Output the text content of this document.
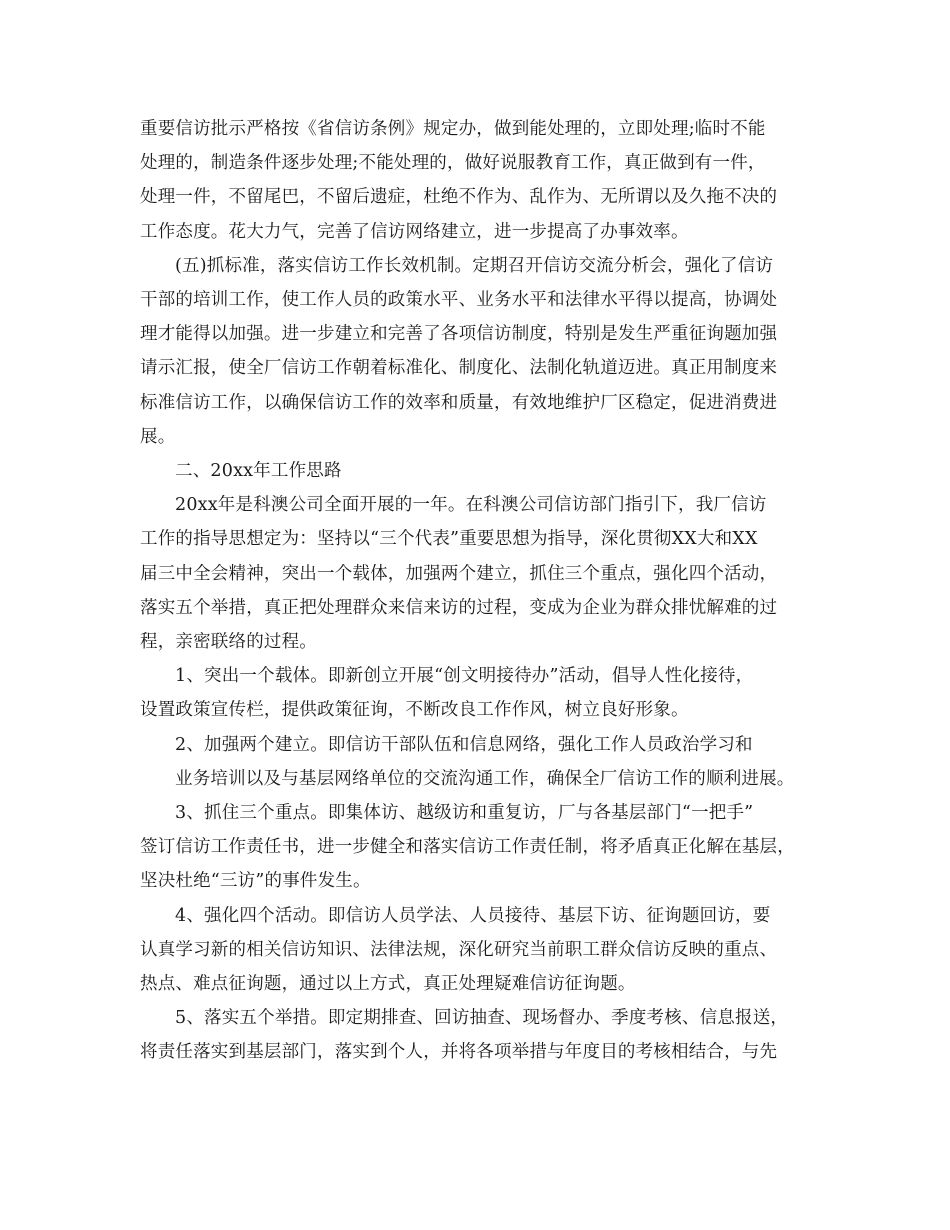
重要信访批示严格按《省信访条例》规定办，做到能处理的，立即处理;临时不能
处理的，制造条件逐步处理;不能处理的，做好说服教育工作，真正做到有一件，
处理一件，不留尾巴，不留后遗症，杜绝不作为、乱作为、无所谓以及久拖不决的
工作态度。花大力气，完善了信访网络建立，进一步提高了办事效率。
(五)抓标准，落实信访工作长效机制。定期召开信访交流分析会，强化了信访
干部的培训工作，使工作人员的政策水平、业务水平和法律水平得以提高，协调处
理才能得以加强。进一步建立和完善了各项信访制度，特别是发生严重征询题加强
请示汇报，使全厂信访工作朝着标准化、制度化、法制化轨道迈进。真正用制度来
标准信访工作，以确保信访工作的效率和质量，有效地维护厂区稳定，促进消费进
展。
二、20xx年工作思路
20xx年是科澳公司全面开展的一年。在科澳公司信访部门指引下，我厂信访
工作的指导思想定为：坚持以“三个代表”重要思想为指导，深化贯彻XX大和XX
届三中全会精神，突出一个载体，加强两个建立，抓住三个重点，强化四个活动，
落实五个举措，真正把处理群众来信来访的过程，变成为企业为群众排忧解难的过
程，亲密联络的过程。
1、突出一个载体。即新创立开展“创文明接待办”活动，倡导人性化接待，
设置政策宣传栏，提供政策征询，不断改良工作作风，树立良好形象。
2、加强两个建立。即信访干部队伍和信息网络，强化工作人员政治学习和
业务培训以及与基层网络单位的交流沟通工作，确保全厂信访工作的顺利进展。
3、抓住三个重点。即集体访、越级访和重复访，厂与各基层部门“一把手”
签订信访工作责任书，进一步健全和落实信访工作责任制，将矛盾真正化解在基层，
坚决杜绝“三访”的事件发生。
4、强化四个活动。即信访人员学法、人员接待、基层下访、征询题回访，要
认真学习新的相关信访知识、法律法规，深化研究当前职工群众信访反映的重点、
热点、难点征询题，通过以上方式，真正处理疑难信访征询题。
5、落实五个举措。即定期排查、回访抽查、现场督办、季度考核、信息报送，
将责任落实到基层部门，落实到个人，并将各项举措与年度目的考核相结合，与先
